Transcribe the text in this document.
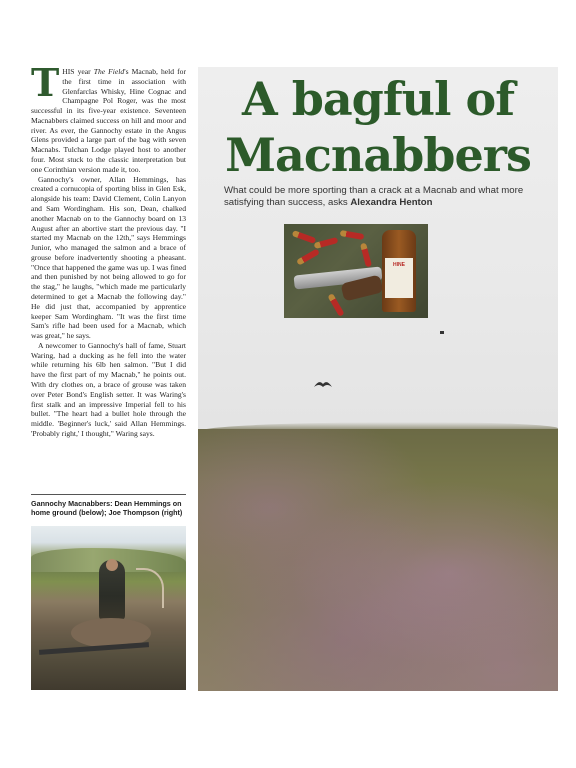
THIS year The Field's Macnab, held for the first time in association with Glenfarclas Whisky, Hine Cognac and Champagne Pol Roger, was the most successful in its five-year existence. Seventeen Macnabbers claimed success on hill and moor and river. As ever, the Gannochy estate in the Angus Glens provided a large part of the bag with seven Macnabs. Tulchan Lodge played host to another four. Most stuck to the classic interpretation but one Corinthian version made it, too.

Gannochy's owner, Allan Hemmings, has created a cornucopia of sporting bliss in Glen Esk, alongside his team: David Clement, Colin Lanyon and Sam Wordingham. His son, Dean, chalked another Macnab on to the Gannochy board on 13 August after an abortive start the previous day. "I started my Macnab on the 12th," says Hemmings Junior, who managed the salmon and a brace of grouse before inadvertently shooting a pheasant. "Once that happened the game was up. I was fined and then punished by not being allowed to go for the stag," he laughs, "which made me particularly determined to get a Macnab the following day." He did just that, accompanied by apprentice keeper Sam Wordingham. "It was the first time Sam's rifle had been used for a Macnab, which was great," he says.

A newcomer to Gannochy's hall of fame, Stuart Waring, had a ducking as he fell into the water while returning his 6lb hen salmon. "But I did have the first part of my Macnab," he points out. With dry clothes on, a brace of grouse was taken over Peter Bond's English setter. It was Waring's first stalk and an impressive Imperial fell to his bullet. "The heart had a bullet hole through the middle. 'Beginner's luck,' said Allan Hemmings. 'Probably right,' I thought," Waring says.

Gannochy Macnabbers: Dean Hemmings on home ground (below); Joe Thompson (right)
A bagful of
Macnabbers
What could be more sporting than a crack at a Macnab and what more satisfying than success, asks Alexandra Henton
HINE
